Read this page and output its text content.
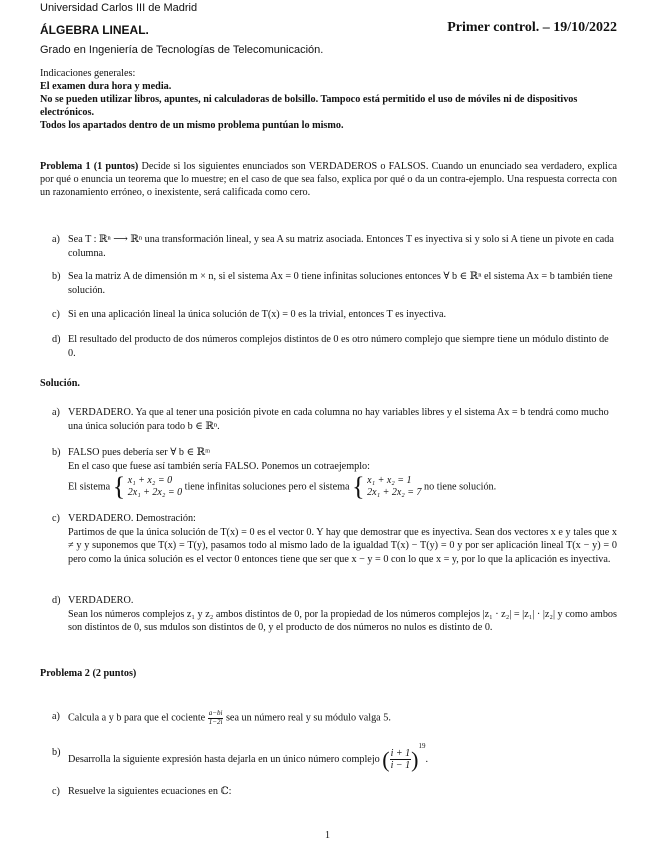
Universidad Carlos III de Madrid
ÁLGEBRA LINEAL.	Primer control. – 19/10/2022
Grado en Ingeniería de Tecnologías de Telecomunicación.

Indicaciones generales:

El examen dura hora y media.

No se pueden utilizar libros, apuntes, ni calculadoras de bolsillo. Tampoco está permitido el uso de móviles ni de dispositivos electrónicos.

Todos los apartados dentro de un mismo problema puntúan lo mismo.

Problema 1 (1 puntos) Decide si los siguientes enunciados son VERDADEROS o FALSOS. Cuando un enunciado sea verdadero, explica por qué o enuncia un teorema que lo muestre; en el caso de que sea falso, explica por qué o da un contra-ejemplo. Una respuesta correcta con un razonamiento erróneo, o inexistente, será calificada como cero.
a) Sea T : ℝⁿ ⟶ ℝⁿ una transformación lineal, y sea A su matriz asociada. Entonces T es inyectiva si y solo si A tiene un pivote en cada columna.

b) Sea la matriz A de dimensión m × n, si el sistema Ax = 0 tiene infinitas soluciones entonces ∀ b ∈ ℝⁿ el sistema Ax = b también tiene solución.

c) Si en una aplicación lineal la única solución de T(x) = 0 es la trivial, entonces T es inyectiva.

d) El resultado del producto de dos números complejos distintos de 0 es otro número complejo que siempre tiene un módulo distinto de 0.

Solución.
a) VERDADERO. Ya que al tener una posición pivote en cada columna no hay variables libres y el sistema Ax = b tendrá como mucho una única solución para todo b ∈ ℝⁿ.

b) FALSO pues debería ser ∀ b ∈ ℝᵐ

En el caso que fuese así también sería FALSO. Ponemos un cotraejemplo:

El sistema { x₁ + x₂ = 0
2x₁ + 2x₂ = 0
tiene infinitas soluciones pero el sistema { x₁ + x₂ = 1
2x₁ + 2x₂ = 7
no tiene solución.
c) VERDADERO. Demostración:

Partimos de que la única solución de T(x) = 0 es el vector 0. Y hay que demostrar que es inyectiva. Sean dos vectores x e y tales que x ≠ y y suponemos que T(x) = T(y), pasamos todo al mismo lado de la igualdad T(x) − T(y) = 0 y por ser aplicación lineal T(x − y) = 0 pero como la única solución es el vector 0 entonces tiene que ser que x − y = 0 con lo que x = y, por lo que la aplicación es inyectiva.

d) VERDADERO.

Sean los números complejos z₁ y z₂ ambos distintos de 0, por la propiedad de los números complejos |z₁ · z₂| = |z₁| · |z₂| y como ambos son distintos de 0, sus mdulos son distintos de 0, y el producto de dos números no nulos es distinto de 0.

Problema 2 (2 puntos)
a) Calcula a y b para que el cociente $\frac{a-bi}{1-2i}$ sea un número real y su módulo valga 5.

b)

Desarrolla la siguiente expresión hasta dejarla en un único número complejo ( $\frac{i + 1}{i - 1} )^{19}$.

c) Resuelve la siguientes ecuaciones en ℂ:

1
